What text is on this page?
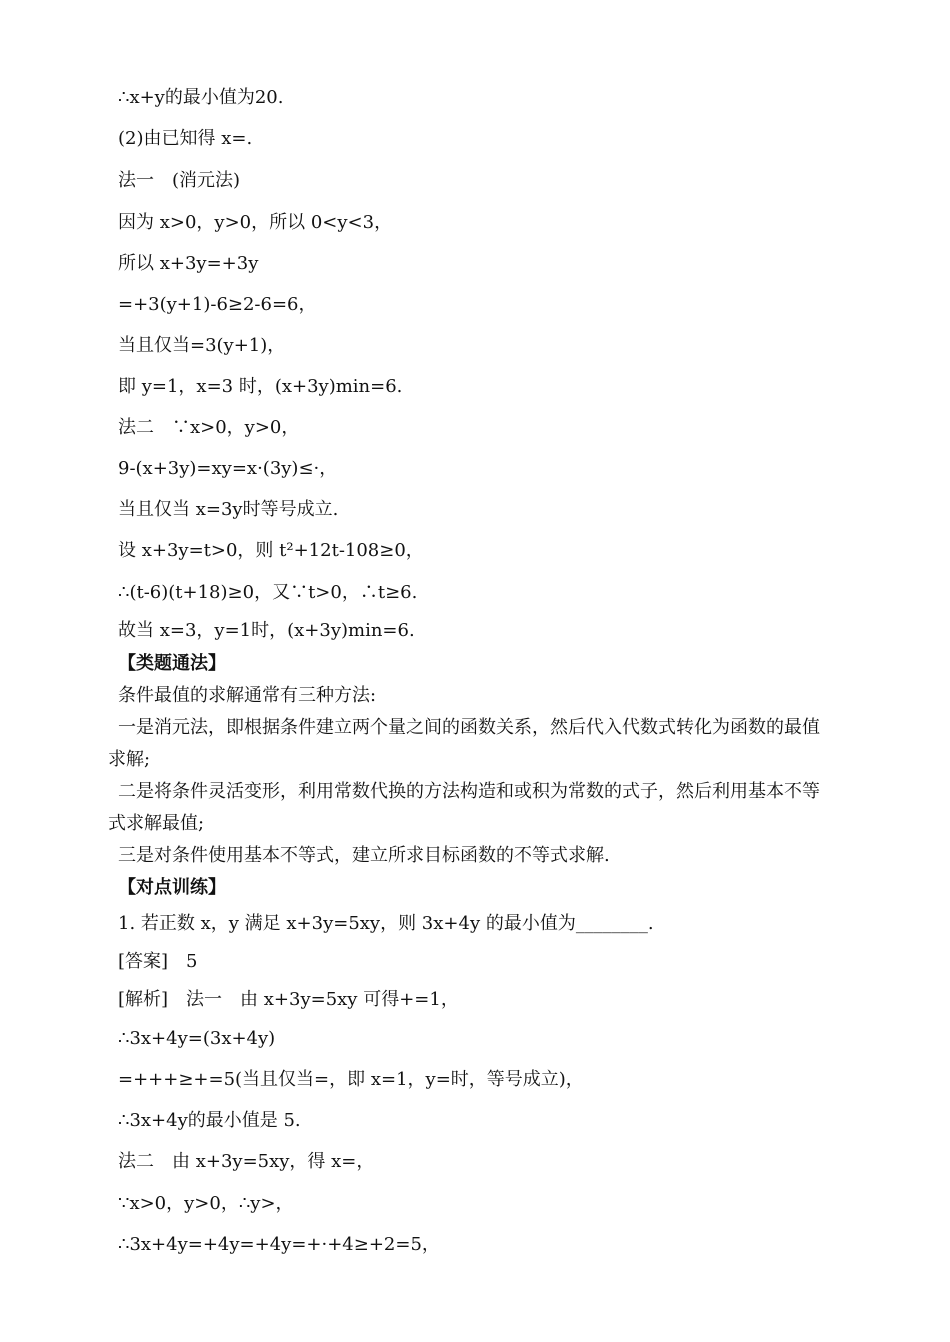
∴x+y的最小值为20.
(2)由已知得 x=.
法一　(消元法)
因为 x>0，y>0，所以 0<y<3，
所以 x+3y=+3y
=+3(y+1)-6≥2-6=6，
当且仅当=3(y+1)，
即 y=1，x=3 时，(x+3y)min=6.
法二　∵x>0，y>0，
9-(x+3y)=xy=x·(3y)≤·，
当且仅当 x=3y时等号成立.
设 x+3y=t>0，则 t²+12t-108≥0，
∴(t-6)(t+18)≥0，又∵t>0，∴t≥6.
故当 x=3，y=1时，(x+3y)min=6.
【类题通法】
条件最值的求解通常有三种方法:
一是消元法，即根据条件建立两个量之间的函数关系，然后代入代数式转化为函数的最值
求解;
二是将条件灵活变形，利用常数代换的方法构造和或积为常数的式子，然后利用基本不等
式求解最值;
三是对条件使用基本不等式，建立所求目标函数的不等式求解.
【对点训练】
1. 若正数 x，y 满足 x+3y=5xy，则 3x+4y 的最小值为________.
[答案]　5
[解析]　法一　由 x+3y=5xy 可得+=1，
∴3x+4y=(3x+4y)
=+++≥+=5(当且仅当=，即 x=1，y=时，等号成立)，
∴3x+4y的最小值是 5.
法二　由 x+3y=5xy，得 x=，
∵x>0，y>0，∴y>，
∴3x+4y=+4y=+4y=+·+4≥+2=5，
